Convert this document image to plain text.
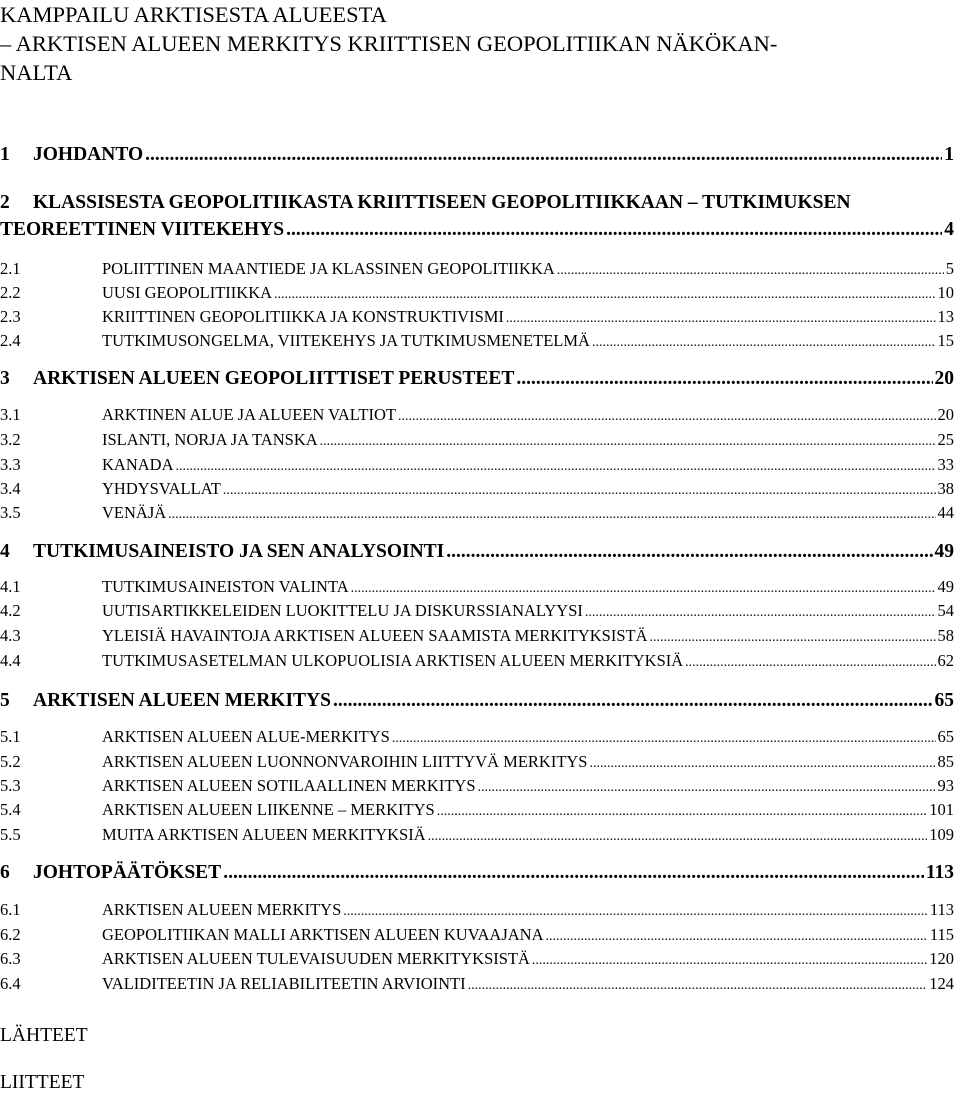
KAMPPAILU ARKTISESTA ALUEESTA
– ARKTISEN ALUEEN MERKITYS KRIITTISEN GEOPOLITIIKAN NÄKÖKAN-
NALTA
1	JOHDANTO .....	1
2	KLASSISESTA GEOPOLITIIKASTA KRIITTISEEN GEOPOLITIIKKAAN – TUTKIMUKSEN
TEOREETTINEN VIITEKEHYS .....	4
2.1	POLIITTINEN MAANTIEDE JA KLASSINEN GEOPOLITIIKKA .....	5
2.2	UUSI GEOPOLITIIKKA .....	10
2.3	KRIITTINEN GEOPOLITIIKKA JA KONSTRUKTIVISMI .....	13
2.4	TUTKIMUSONGELMA, VIITEKEHYS JA TUTKIMUSMENETELMÄ .....	15
3	ARKTISEN ALUEEN GEOPOLIITTISET PERUSTEET .....	20
3.1	ARKTINEN ALUE JA ALUEEN VALTIOT .....	20
3.2	ISLANTI, NORJA JA TANSKA .....	25
3.3	KANADA .....	33
3.4	YHDYSVALLAT .....	38
3.5	VENÄJÄ .....	44
4	TUTKIMUSAINEISTO JA SEN ANALYSOINTI .....	49
4.1	TUTKIMUSAINEISTON VALINTA .....	49
4.2	UUTISARTIKKELEIDEN LUOKITTELU JA DISKURSSIANALYYSI .....	54
4.3	YLEISIÄ HAVAINTOJA ARKTISEN ALUEEN SAAMISTA MERKITYKSISTÄ .....	58
4.4	TUTKIMUSASETELMAN ULKOPUOLISIA ARKTISEN ALUEEN MERKITYKSIÄ .....	62
5	ARKTISEN ALUEEN MERKITYS .....	65
5.1	ARKTISEN ALUEEN ALUE-MERKITYS .....	65
5.2	ARKTISEN ALUEEN LUONNONVAROIHIN LIITTYVÄ MERKITYS .....	85
5.3	ARKTISEN ALUEEN SOTILAALLINEN MERKITYS .....	93
5.4	ARKTISEN ALUEEN LIIKENNE – MERKITYS .....	101
5.5	MUITA ARKTISEN ALUEEN MERKITYKSIÄ .....	109
6	JOHTOPÄÄTÖKSET .....	113
6.1	ARKTISEN ALUEEN MERKITYS .....	113
6.2	GEOPOLITIIKAN MALLI ARKTISEN ALUEEN KUVAAJANA .....	115
6.3	ARKTISEN ALUEEN TULEVAISUUDEN MERKITYKSISTÄ .....	120
6.4	VALIDITEETIN JA RELIABILITEETIN ARVIOINTI .....	124
LÄHTEET
LIITTEET
